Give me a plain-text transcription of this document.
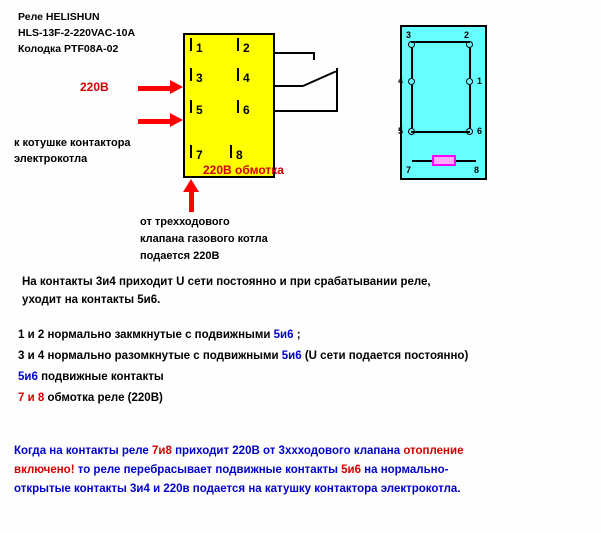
Реле HELISHUN
HLS-13F-2-220VAC-10A
Колодка PTF08A-02	1	2
3	4
5	6
7	8
220В
к котушке контактора
электрокотла
220В обмотка
от трехходового
клапана газового котла
подается 220В
3	2
4	1
5	6
7	8
На контакты 3и4 приходит U сети постоянно и при срабатывании реле,
уходит на контакты 5и6.
1 и 2 нормально закмкнутые с подвижными 5и6 ;
3 и 4 нормально разомкнутые с подвижными 5и6 (U сети подается постоянно)
5и6 подвижные контакты
7 и 8 обмотка реле (220В)
Когда на контакты реле 7и8 приходит 220В от 3ххходового клапана отопление
включено! то реле перебрасывает подвижные контакты 5и6 на нормально-
открытые контакты 3и4 и 220в подается на катушку контактора электрокотла.
